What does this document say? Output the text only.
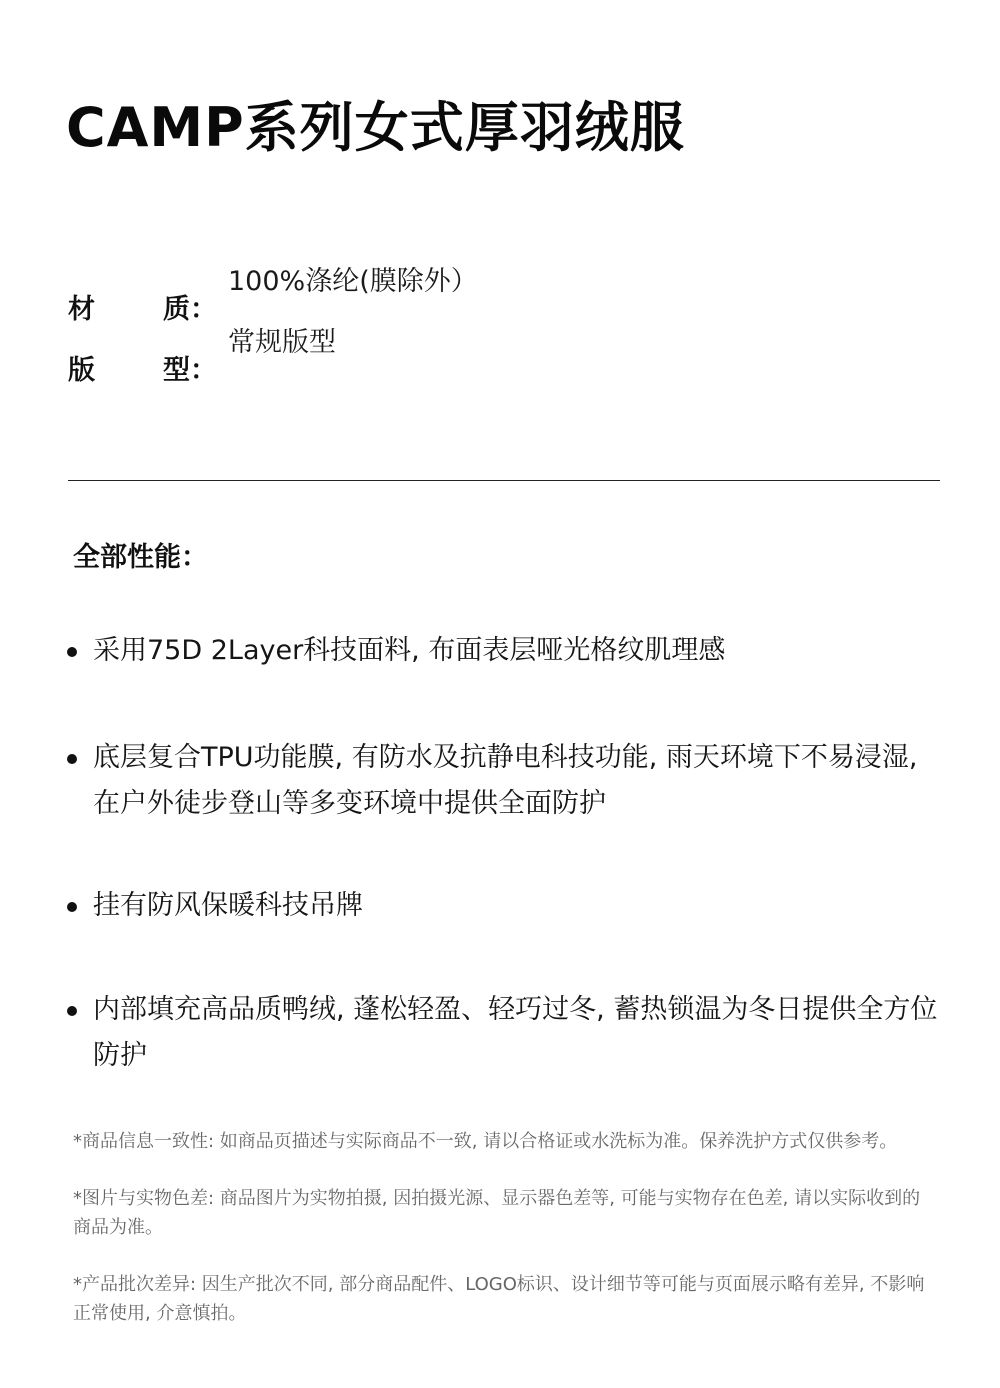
CAMP系列女式厚羽绒服
材	质：
100%涤纶(膜除外）
版	型：
常规版型
全部性能：
采用75D 2Layer科技面料, 布面表层哑光格纹肌理感
底层复合TPU功能膜, 有防水及抗静电科技功能, 雨天环境下不易浸湿, 在户外徒步登山等多变环境中提供全面防护
挂有防风保暖科技吊牌
内部填充高品质鸭绒, 蓬松轻盈、轻巧过冬, 蓄热锁温为冬日提供全方位防护
*商品信息一致性: 如商品页描述与实际商品不一致, 请以合格证或水洗标为准。保养洗护方式仅供参考。
*图片与实物色差: 商品图片为实物拍摄, 因拍摄光源、显示器色差等, 可能与实物存在色差, 请以实际收到的商品为准。
*产品批次差异: 因生产批次不同, 部分商品配件、LOGO标识、设计细节等可能与页面展示略有差异, 不影响正常使用, 介意慎拍。
